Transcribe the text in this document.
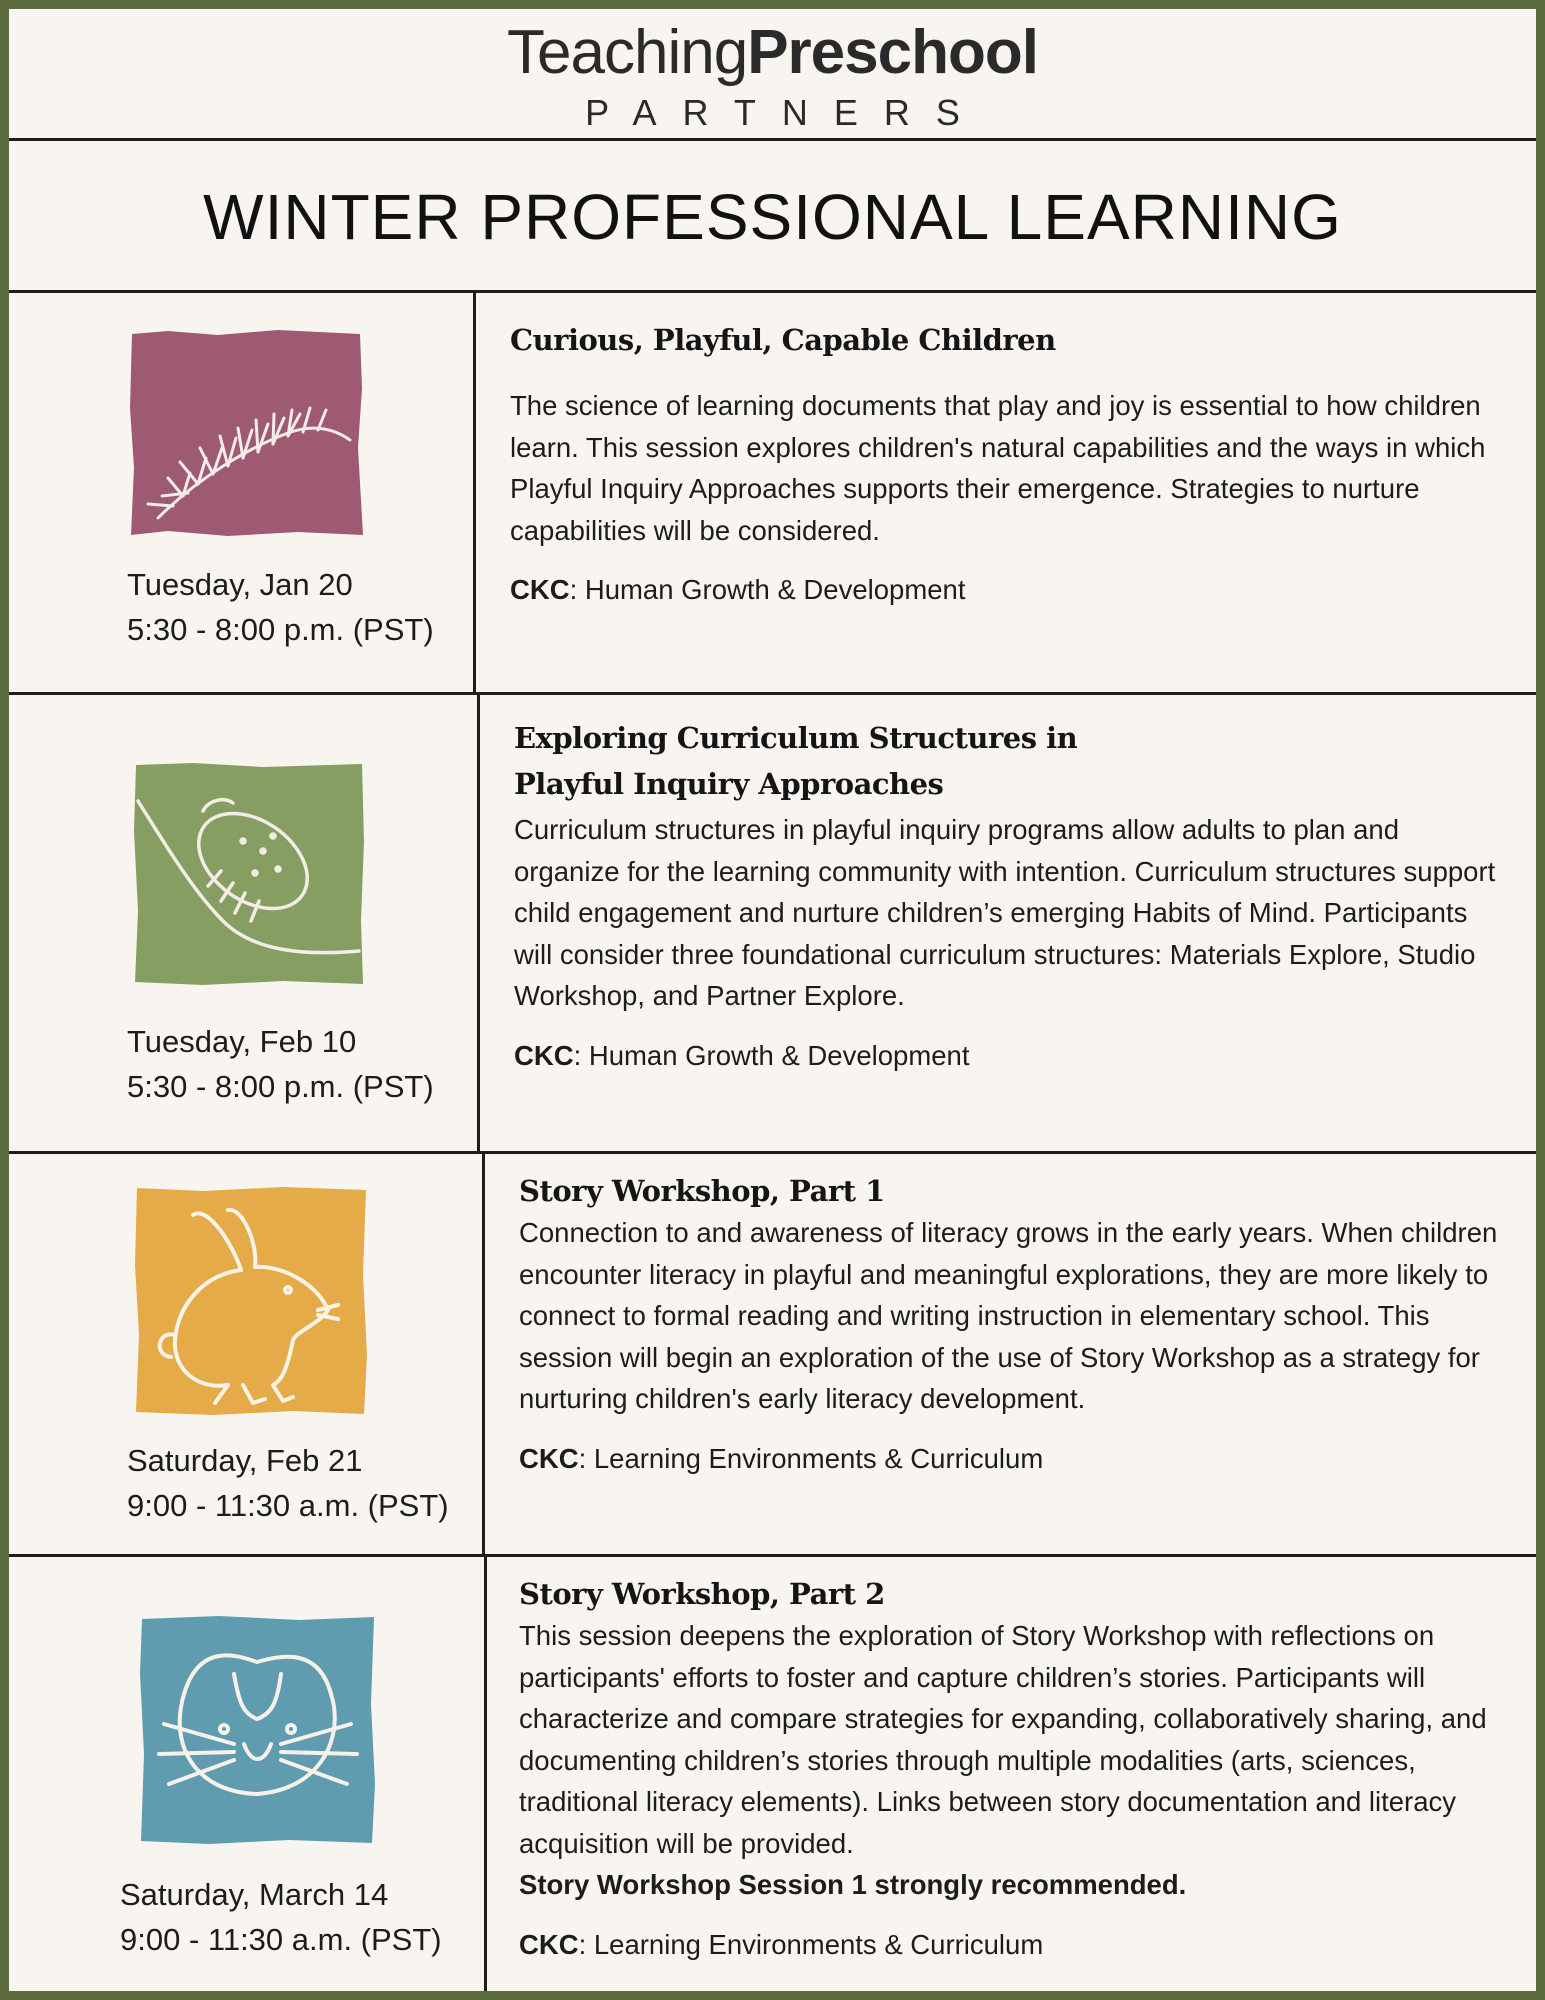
TeachingPreschool
PARTNERS
WINTER PROFESSIONAL LEARNING
Tuesday, Jan 20
5:30 - 8:00 p.m. (PST)
Curious, Playful, Capable Children

The science of learning documents that play and joy is essential to how children learn. This session explores children's natural capabilities and the ways in which Playful Inquiry Approaches supports their emergence. Strategies to nurture capabilities will be considered.

CKC: Human Growth & Development
Tuesday, Feb 10
5:30 - 8:00 p.m. (PST)
Exploring Curriculum Structures in
Playful Inquiry Approaches

Curriculum structures in playful inquiry programs allow adults to plan and organize for the learning community with intention. Curriculum structures support child engagement and nurture children’s emerging Habits of Mind. Participants will consider three foundational curriculum structures: Materials Explore, Studio Workshop, and Partner Explore.

CKC: Human Growth & Development
Saturday, Feb 21
9:00 - 11:30 a.m. (PST)
Story Workshop, Part 1

Connection to and awareness of literacy grows in the early years. When children encounter literacy in playful and meaningful explorations, they are more likely to connect to formal reading and writing instruction in elementary school. This session will begin an exploration of the use of Story Workshop as a strategy for nurturing children's early literacy development.

CKC: Learning Environments & Curriculum
Saturday, March 14
9:00 - 11:30 a.m. (PST)
Story Workshop, Part 2

This session deepens the exploration of Story Workshop with reflections on participants' efforts to foster and capture children’s stories. Participants will characterize and compare strategies for expanding, collaboratively sharing, and documenting children’s stories through multiple modalities (arts, sciences, traditional literacy elements). Links between story documentation and literacy acquisition will be provided.

Story Workshop Session 1 strongly recommended.

CKC: Learning Environments & Curriculum
